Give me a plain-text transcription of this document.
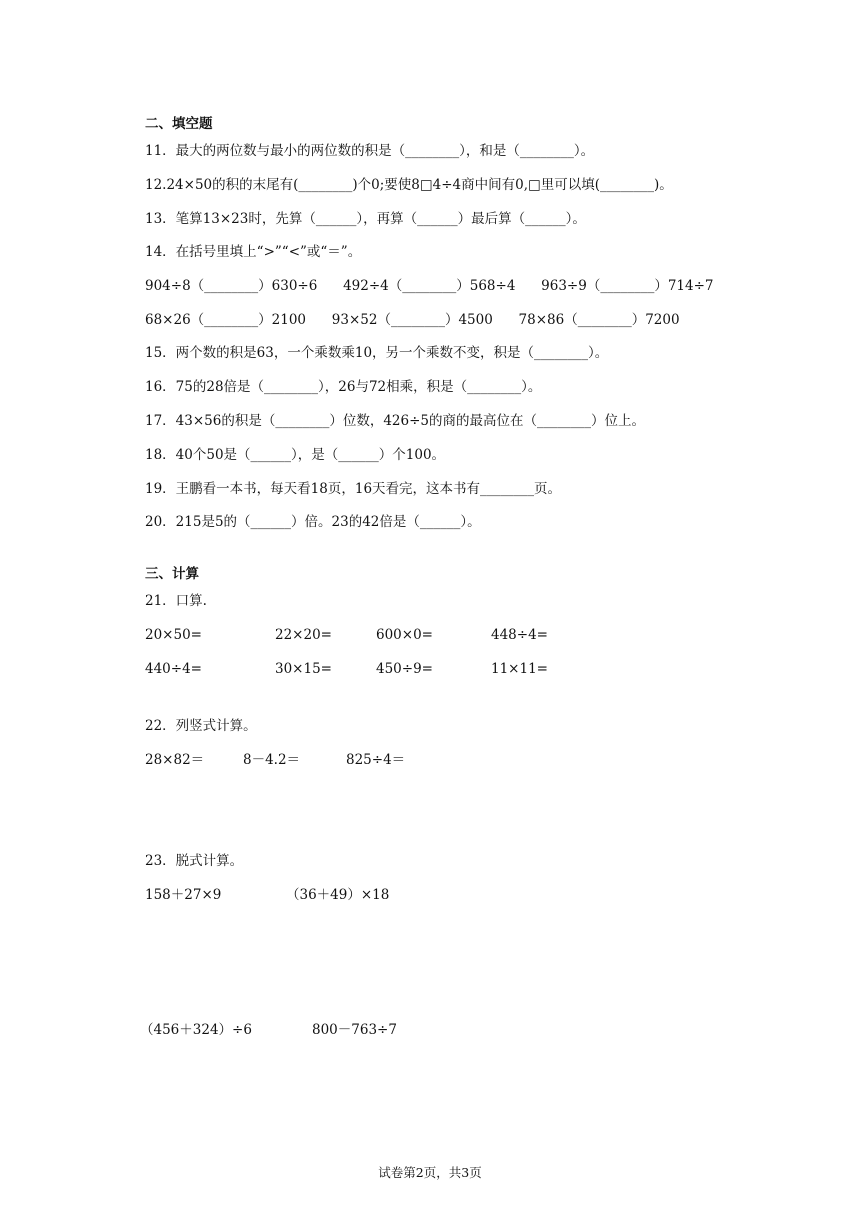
二、填空题
11．最大的两位数与最小的两位数的积是（________），和是（________）。
12.24×50的积的末尾有(________)个0;要使8□4÷4商中间有0,□里可以填(________)。
13．笔算13×23时，先算（______），再算（______）最后算（______）。
14．在括号里填上“>”“<”或“＝”。
904÷8（________）630÷6      492÷4（________）568÷4      963÷9（________）714÷7
68×26（________）2100      93×52（________）4500      78×86（________）7200
15．两个数的积是63，一个乘数乘10，另一个乘数不变，积是（________）。
16．75的28倍是（________），26与72相乘，积是（________）。
17．43×56的积是（________）位数，426÷5的商的最高位在（________）位上。
18．40个50是（______），是（______）个100。
19．王鹏看一本书，每天看18页，16天看完，这本书有________页。
20．215是5的（______）倍。23的42倍是（______）。
三、计算
21．口算.
20×50=	22×20=	600×0=	448÷4=
440÷4=	30×15=	450÷9=	11×11=
22．列竖式计算。
28×82＝	8－4.2＝	825÷4＝
23．脱式计算。
158＋27×9	（36＋49）×18
（456＋324）÷6	800－763÷7
试卷第2页，共3页
